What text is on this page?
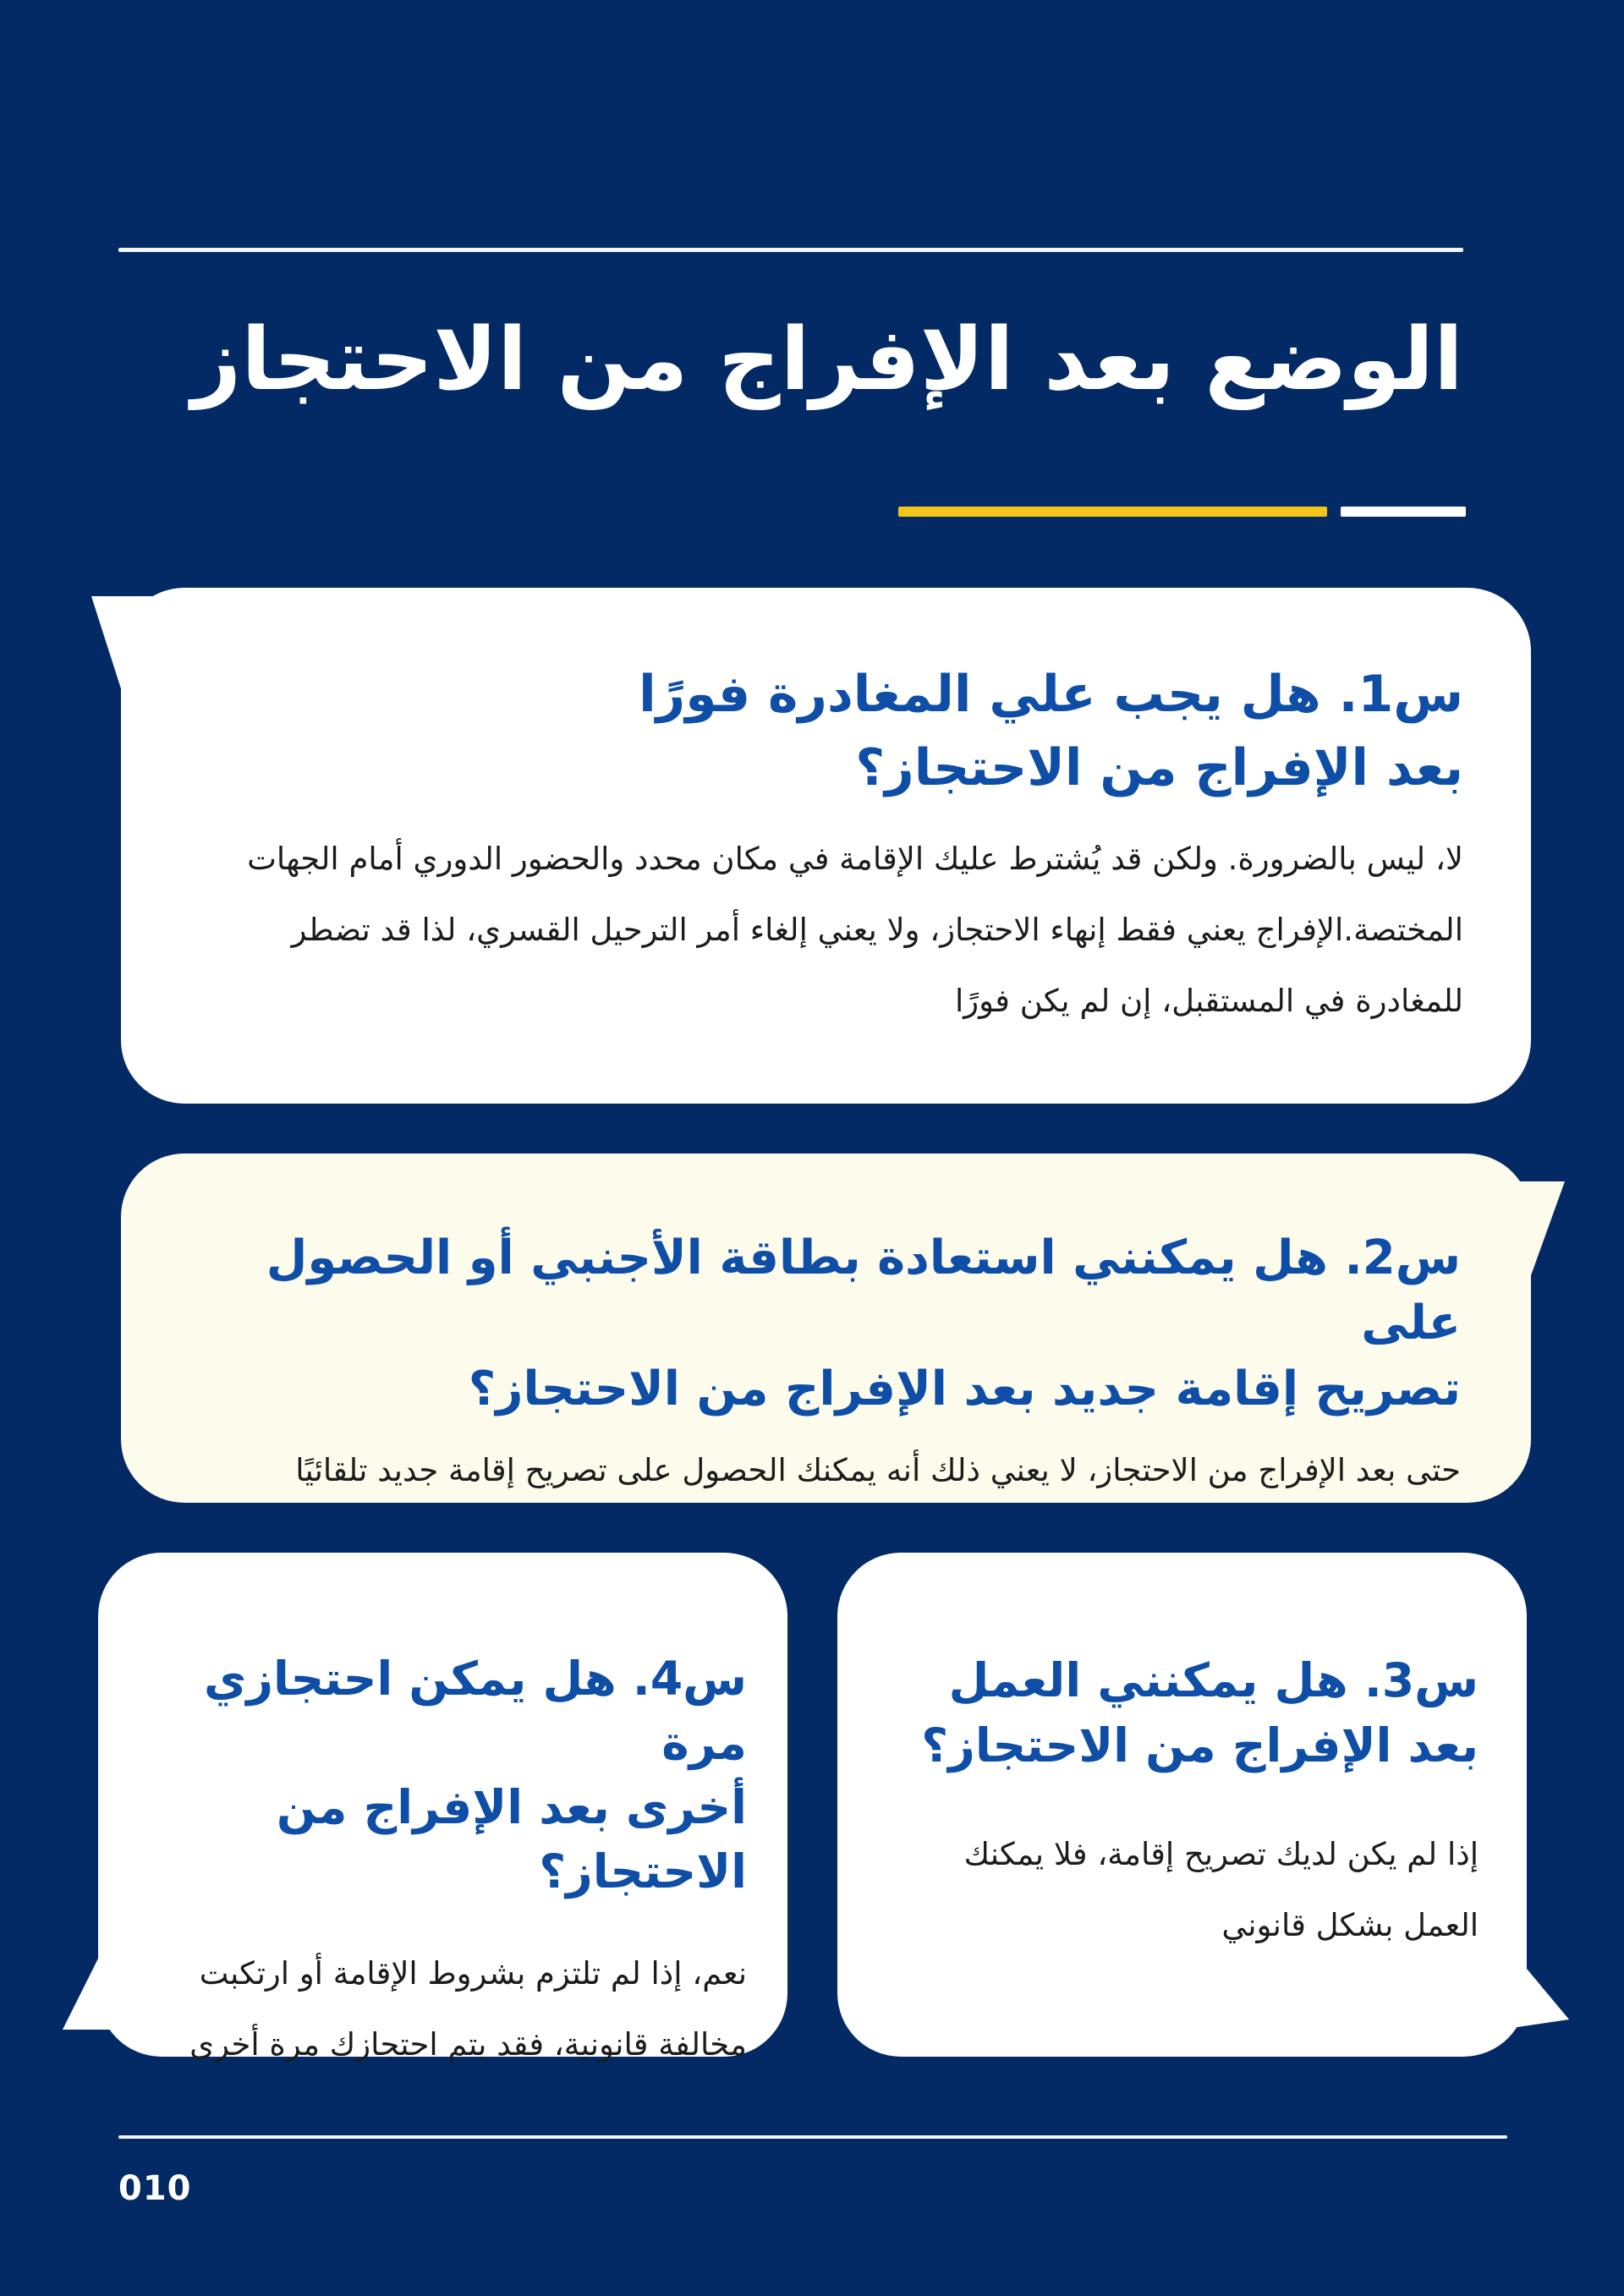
الوضع بعد الإفراج من الاحتجاز

س1. هل يجب علي المغادرة فورًا
بعد الإفراج من الاحتجاز؟

لا، ليس بالضرورة. ولكن قد يُشترط عليك الإقامة في مكان محدد والحضور الدوري أمام الجهات المختصة.الإفراج يعني فقط إنهاء الاحتجاز، ولا يعني إلغاء أمر الترحيل القسري، لذا قد تضطر للمغادرة في المستقبل، إن لم يكن فورًا

س2. هل يمكنني استعادة بطاقة الأجنبي أو الحصول على
تصريح إقامة جديد بعد الإفراج من الاحتجاز؟

حتى بعد الإفراج من الاحتجاز، لا يعني ذلك أنه يمكنك الحصول على تصريح إقامة جديد تلقائيًا

س4. هل يمكن احتجازي مرة
أخرى بعد الإفراج من الاحتجاز؟

نعم، إذا لم تلتزم بشروط الإقامة أو ارتكبت
مخالفة قانونية، فقد يتم احتجازك مرة أخرى

س3. هل يمكنني العمل
بعد الإفراج من الاحتجاز؟

إذا لم يكن لديك تصريح إقامة، فلا يمكنك
العمل بشكل قانوني

010
